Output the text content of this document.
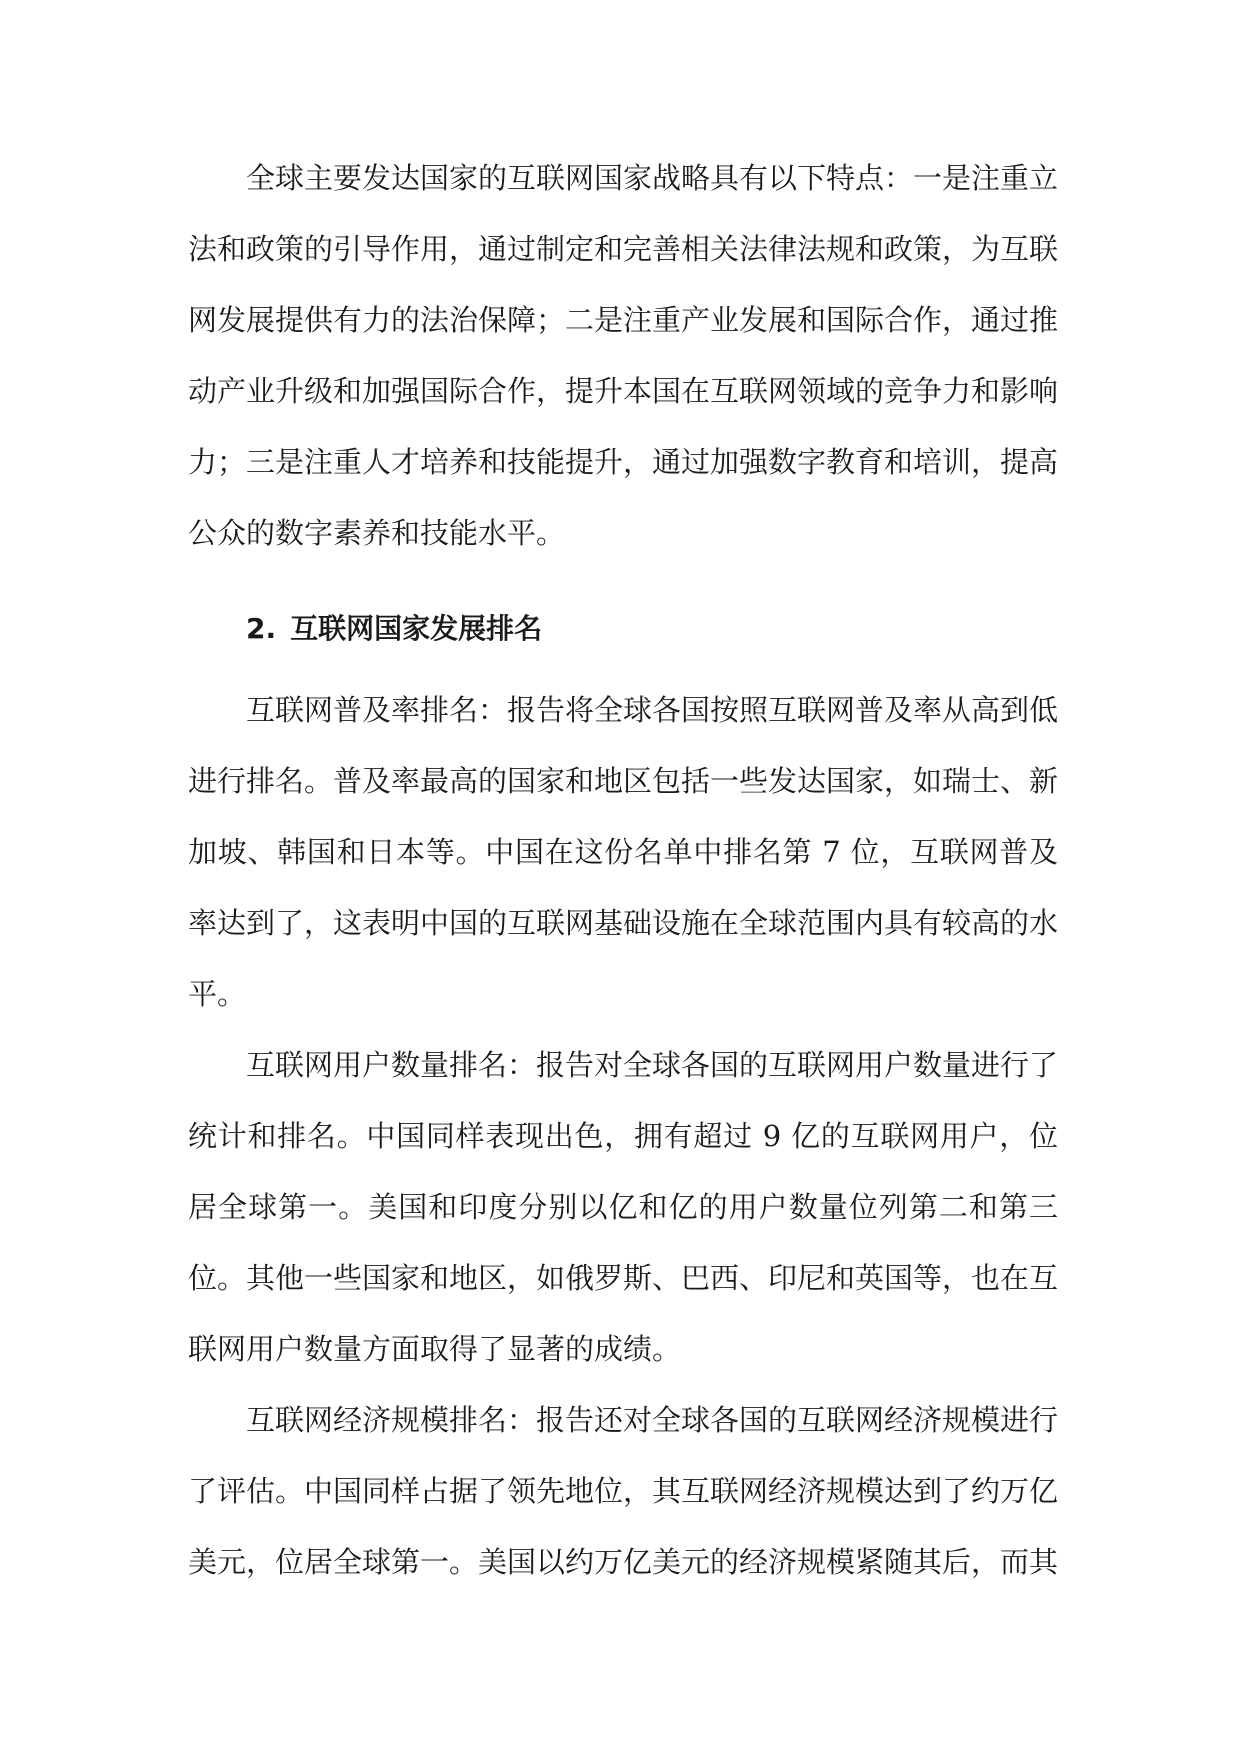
全球主要发达国家的互联网国家战略具有以下特点：一是注重立法和政策的引导作用，通过制定和完善相关法律法规和政策，为互联网发展提供有力的法治保障；二是注重产业发展和国际合作，通过推动产业升级和加强国际合作，提升本国在互联网领域的竞争力和影响力；三是注重人才培养和技能提升，通过加强数字教育和培训，提高公众的数字素养和技能水平。

2. 互联网国家发展排名

互联网普及率排名：报告将全球各国按照互联网普及率从高到低进行排名。普及率最高的国家和地区包括一些发达国家，如瑞士、新加坡、韩国和日本等。中国在这份名单中排名第 7 位，互联网普及率达到了，这表明中国的互联网基础设施在全球范围内具有较高的水平。

互联网用户数量排名：报告对全球各国的互联网用户数量进行了统计和排名。中国同样表现出色，拥有超过 9 亿的互联网用户，位居全球第一。美国和印度分别以亿和亿的用户数量位列第二和第三位。其他一些国家和地区，如俄罗斯、巴西、印尼和英国等，也在互联网用户数量方面取得了显著的成绩。

互联网经济规模排名：报告还对全球各国的互联网经济规模进行了评估。中国同样占据了领先地位，其互联网经济规模达到了约万亿美元，位居全球第一。美国以约万亿美元的经济规模紧随其后，而其
